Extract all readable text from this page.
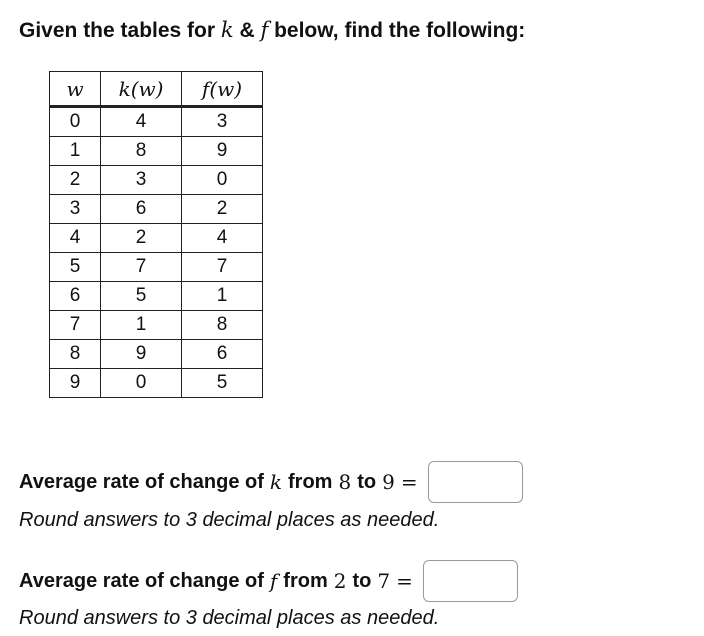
Given the tables for k & f below, find the following:
w	k(w)	f(w)
0	4	3
1	8	9
2	3	0
3	6	2
4	2	4
5	7	7
6	5	1
7	1	8
8	9	6
9	0	5
Average rate of change of k from 8 to 9 =
Round answers to 3 decimal places as needed.
Average rate of change of f from 2 to 7 =
Round answers to 3 decimal places as needed.
